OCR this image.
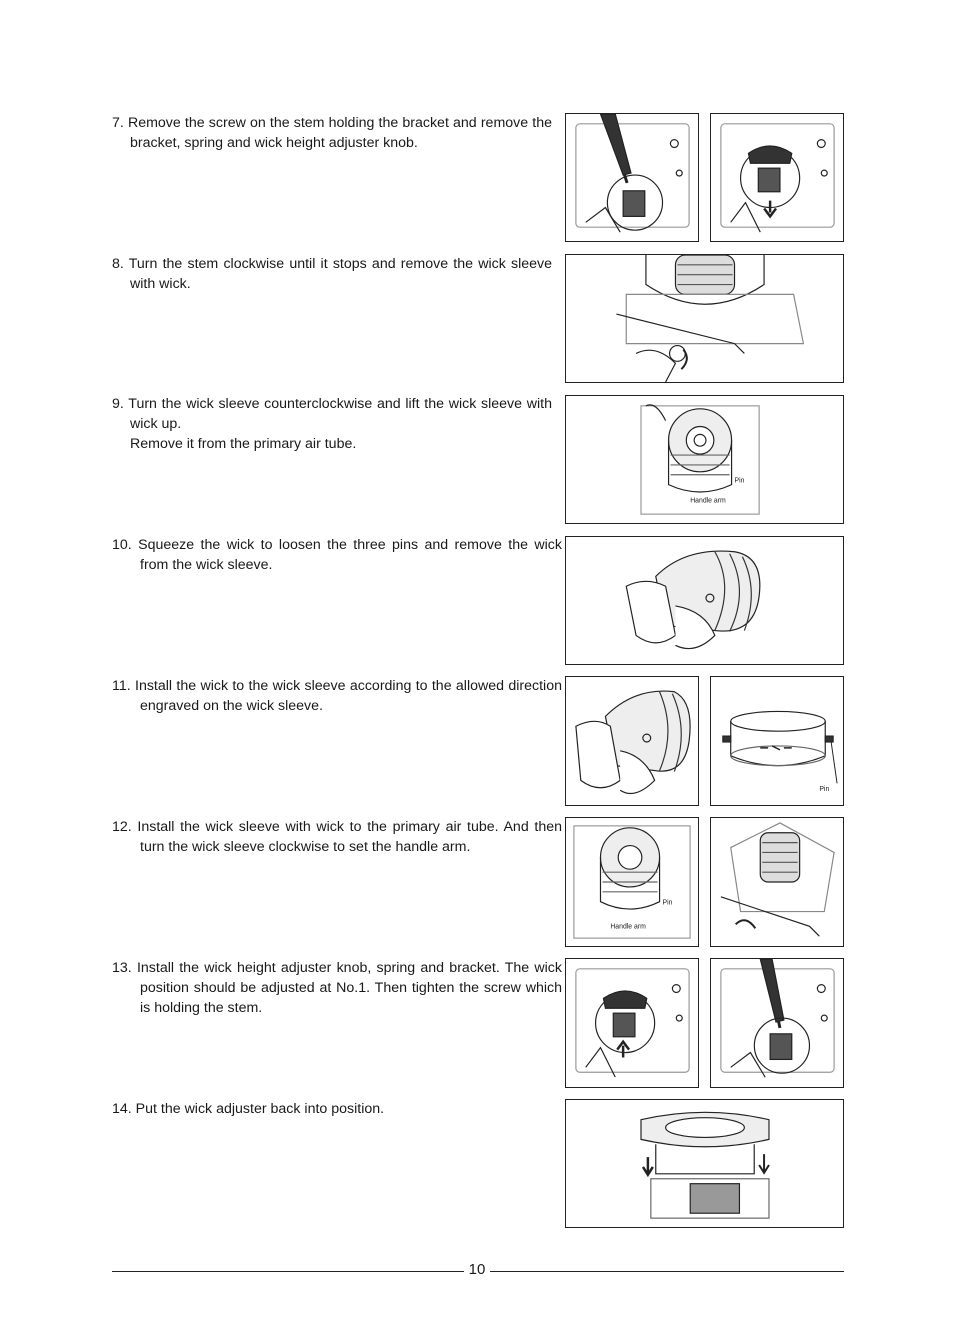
7. Remove the screw on the stem holding the bracket and remove the bracket, spring and wick height adjuster knob.

8. Turn the stem clockwise until it stops and remove the wick sleeve with wick.

9. Turn the wick sleeve counterclockwise and lift the wick sleeve with wick up.

Remove it from the primary air tube.

10. Squeeze the wick to loosen the three pins and remove the wick from the wick sleeve.

11. Install the wick to the wick sleeve according to the allowed direction engraved on the wick sleeve.

12. Install the wick sleeve with wick to the primary air tube. And then turn the wick sleeve clockwise to set the handle arm.

13. Install the wick height adjuster knob, spring and bracket. The wick position should be adjusted at No.1. Then tighten the screw which is holding the stem.

14. Put the wick adjuster back into position.

Pin
Handle arm
Pin
Pin
Handle arm
10
